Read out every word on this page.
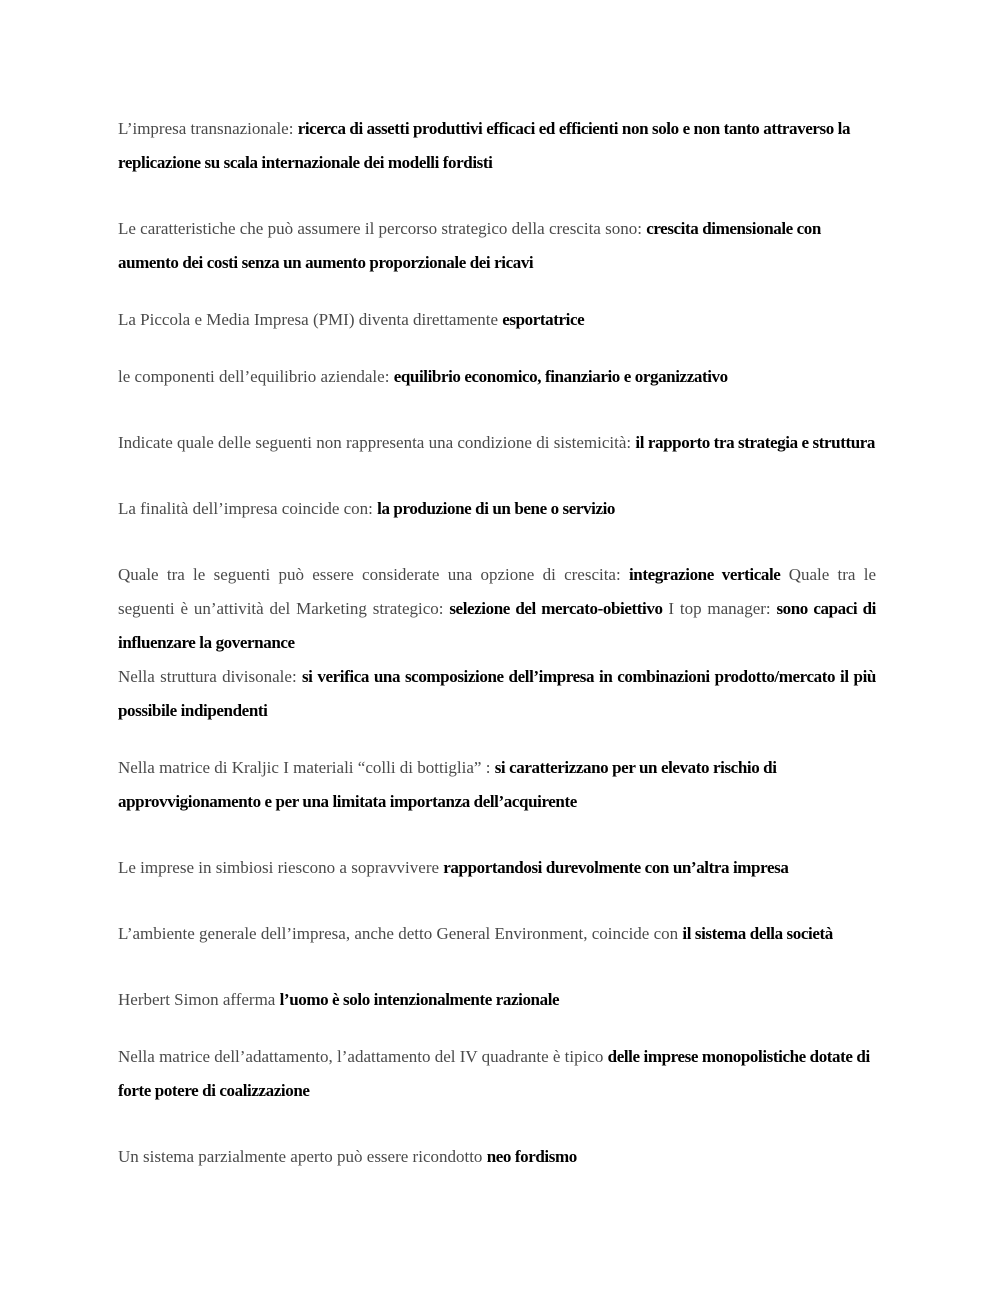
L’impresa transnazionale: ricerca di assetti produttivi efficaci ed efficienti non solo e non tanto attraverso la replicazione su scala internazionale dei modelli fordisti

Le caratteristiche che può assumere il percorso strategico della crescita sono: crescita dimensionale con aumento dei costi senza un aumento proporzionale dei ricavi

La Piccola e Media Impresa (PMI) diventa direttamente esportatrice

le componenti dell’equilibrio aziendale: equilibrio economico, finanziario e organizzativo

Indicate quale delle seguenti non rappresenta una condizione di sistemicità: il rapporto tra strategia e struttura

La finalità dell’impresa coincide con: la produzione di un bene o servizio

Quale tra le seguenti può essere considerate una opzione di crescita: integrazione verticale Quale tra le seguenti è un’attività del Marketing strategico: selezione del mercato-obiettivo I top manager: sono capaci di influenzare la governance
Nella struttura divisonale: si verifica una scomposizione dell’impresa in combinazioni prodotto/mercato il più possibile indipendenti

Nella matrice di Kraljic I materiali “colli di bottiglia” : si caratterizzano per un elevato rischio di approvvigionamento e per una limitata importanza dell’acquirente

Le imprese in simbiosi riescono a sopravvivere rapportandosi durevolmente con un’altra impresa

L’ambiente generale dell’impresa, anche detto General Environment, coincide con il sistema della società

Herbert Simon afferma l’uomo è solo intenzionalmente razionale

Nella matrice dell’adattamento, l’adattamento del IV quadrante è tipico delle imprese monopolistiche dotate di forte potere di coalizzazione

Un sistema parzialmente aperto può essere ricondotto neo fordismo
